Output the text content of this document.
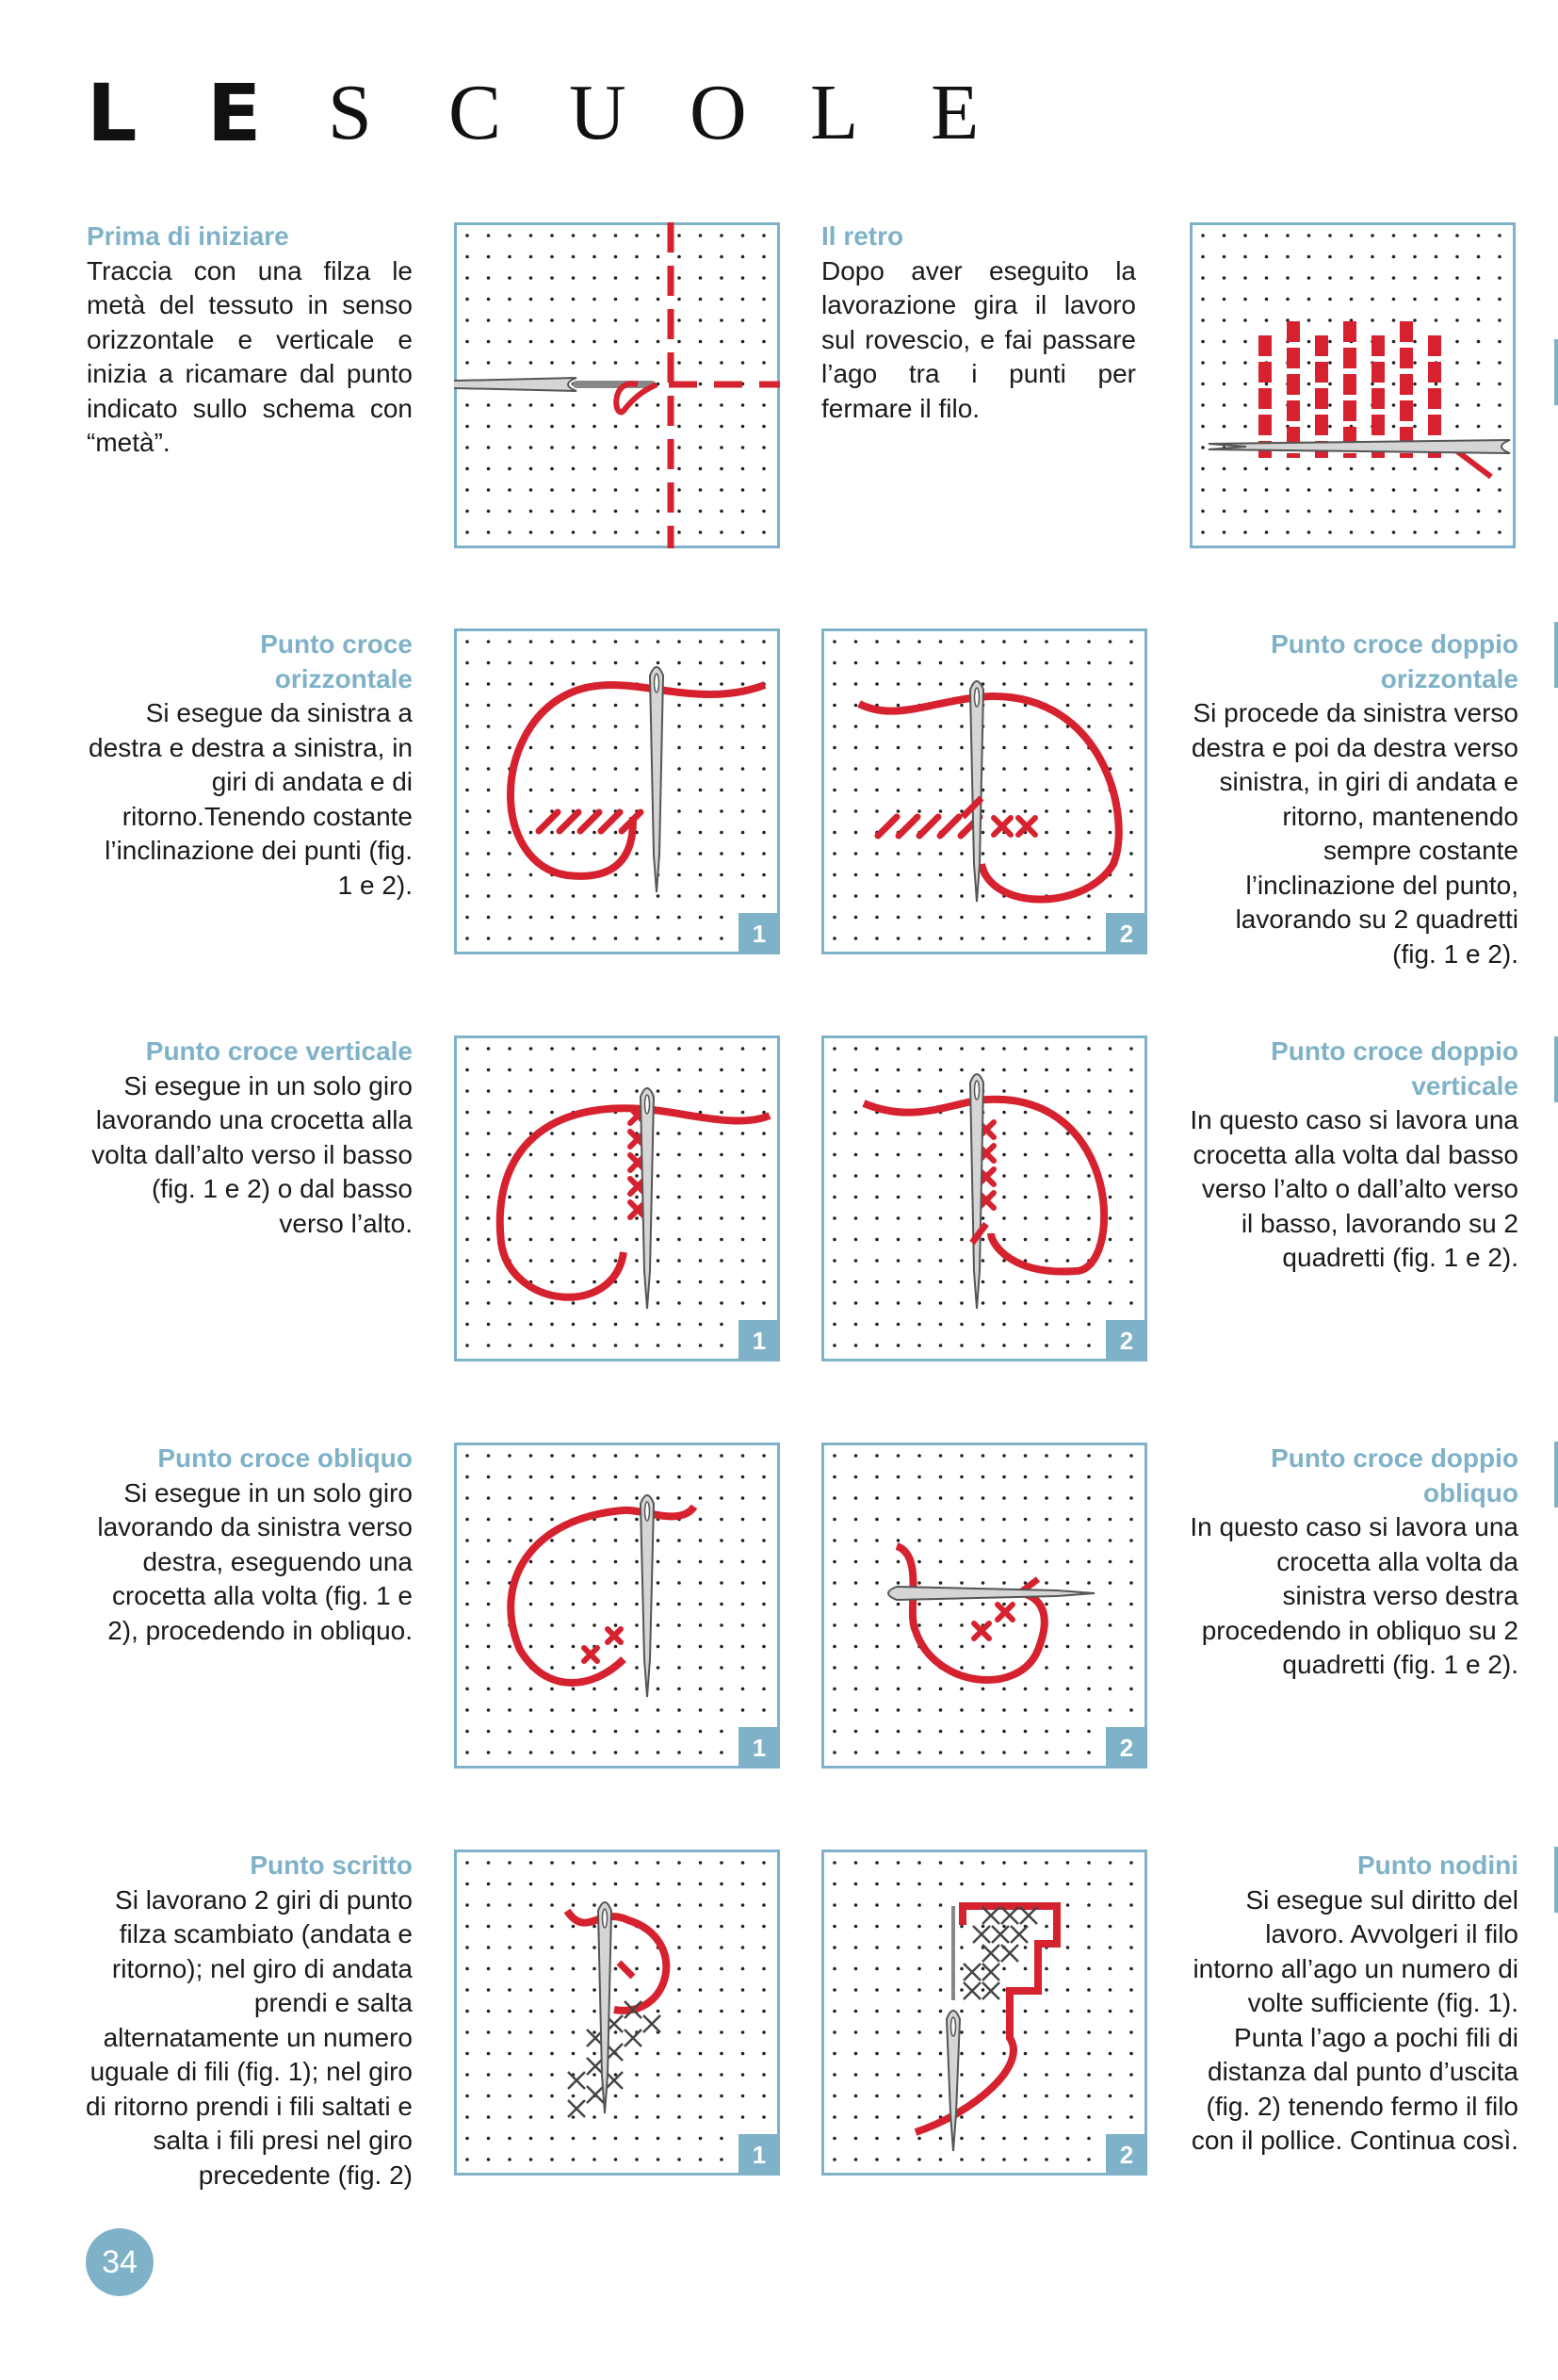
L E S C U O L E
Prima di iniziare
Traccia con una filza le metà del tessuto in senso orizzontale e verticale e inizia a ricamare dal punto indicato sullo schema con “metà”.
Il retro
Dopo aver eseguito la lavorazione gira il lavoro sul rovescio, e fai passare l’ago tra i punti per fermare il filo.
Punto croce orizzontale
Si esegue da sinistra a destra e destra a sinistra, in giri di andata e di ritorno.Tenendo costante l’inclinazione dei punti (fig. 1 e 2).
1	2
Punto croce doppio orizzontale
Si procede da sinistra verso destra e poi da destra verso sinistra, in giri di andata e ritorno, mantenendo sempre costante l’inclinazione del punto, lavorando su 2 quadretti (fig. 1 e 2).
Punto croce verticale
Si esegue in un solo giro lavorando una crocetta alla volta dall’alto verso il basso (fig. 1 e 2) o dal basso verso l’alto.
1	2
Punto croce doppio verticale
In questo caso si lavora una crocetta alla volta dal basso verso l’alto o dall’alto verso il basso, lavorando su 2 quadretti (fig. 1 e 2).
Punto croce obliquo
Si esegue in un solo giro lavorando da sinistra verso destra, eseguendo una crocetta alla volta (fig. 1 e 2), procedendo in obliquo.
1	2
Punto croce doppio obliquo
In questo caso si lavora una crocetta alla volta da sinistra verso destra procedendo in obliquo su 2 quadretti (fig. 1 e 2).
Punto scritto
Si lavorano 2 giri di punto filza scambiato (andata e ritorno); nel giro di andata prendi e salta alternatamente un numero uguale di fili (fig. 1); nel giro di ritorno prendi i fili saltati e salta i fili presi nel giro precedente (fig. 2)
1	2
Punto nodini
Si esegue sul diritto del lavoro. Avvolgeri il filo intorno all’ago un numero di volte sufficiente (fig. 1). Punta l’ago a pochi fili di distanza dal punto d’uscita (fig. 2) tenendo fermo il filo con il pollice. Continua così.
34
